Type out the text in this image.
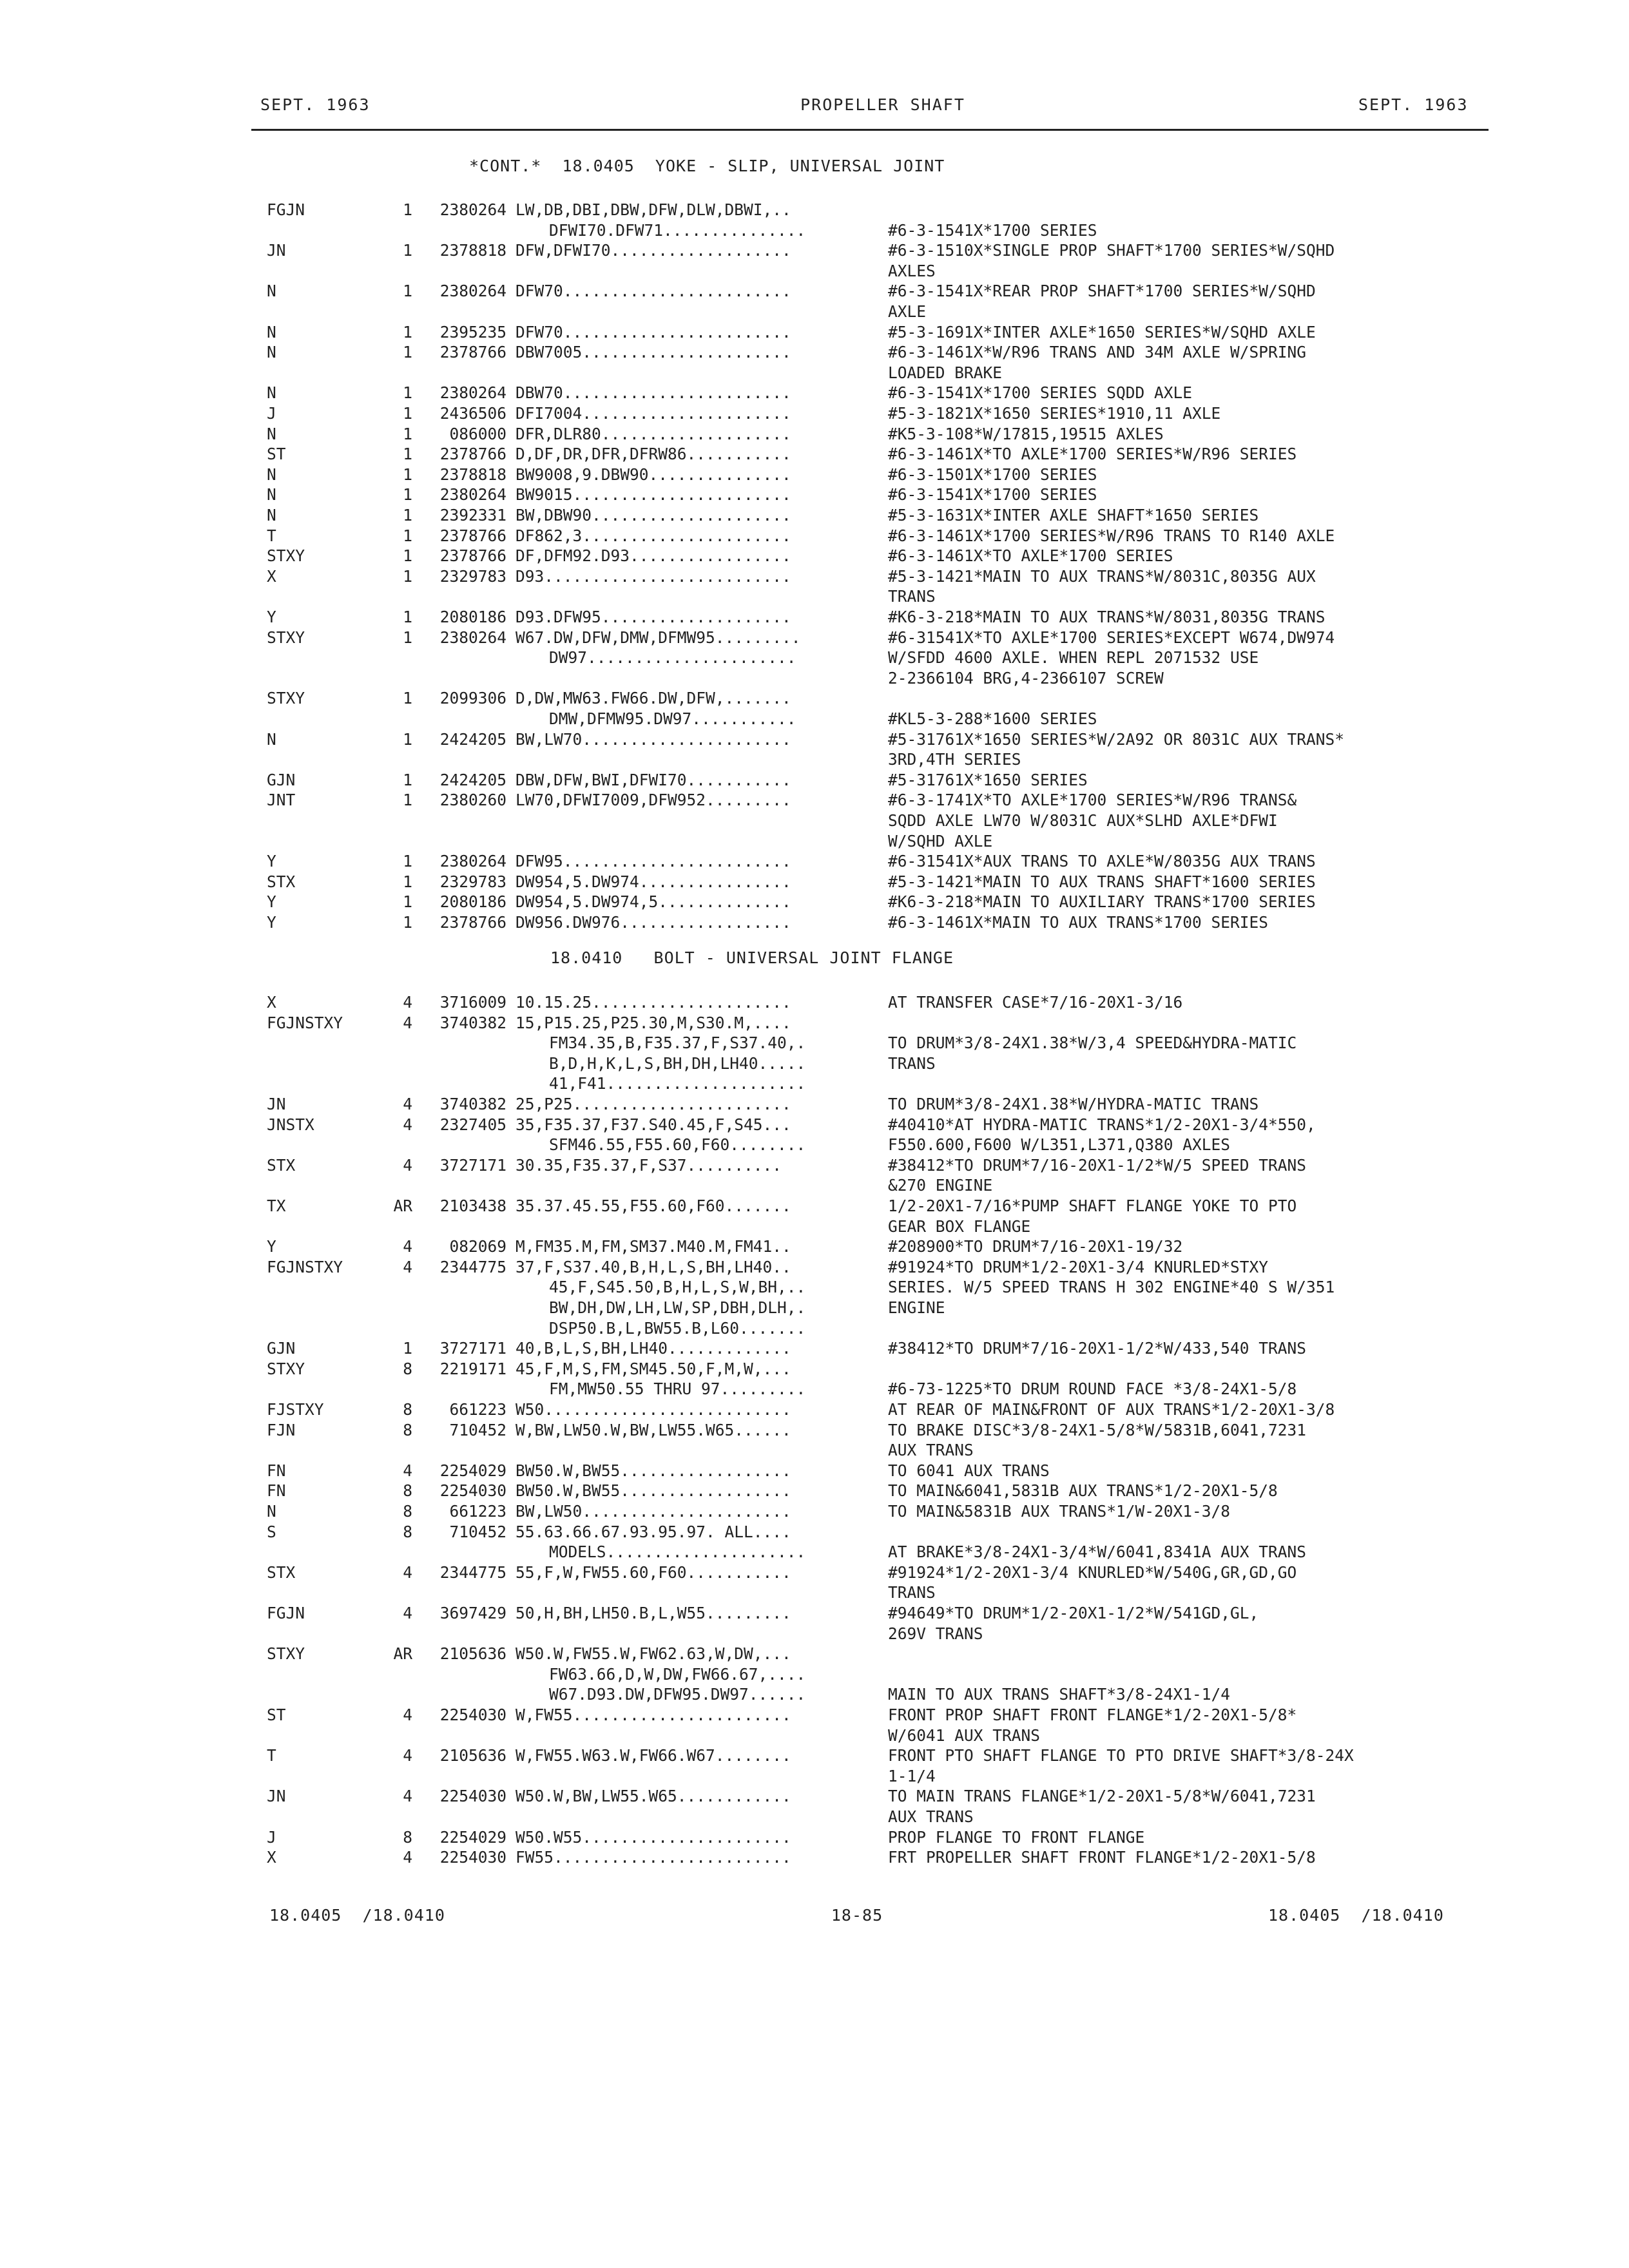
SEPT. 1963	PROPELLER SHAFT	SEPT. 1963
*CONT.*  18.0405  YOKE - SLIP, UNIVERSAL JOINT
FGJN	1	2380264 LW,DB,DBI,DBW,DFW,DLW,DBWI,..
DFWI70.DFW71...............	#6-3-1541X*1700 SERIES
JN	1	2378818 DFW,DFWI70...................	#6-3-1510X*SINGLE PROP SHAFT*1700 SERIES*W/SQHD
AXLES
N	1	2380264 DFW70........................	#6-3-1541X*REAR PROP SHAFT*1700 SERIES*W/SQHD
AXLE
N	1	2395235 DFW70........................	#5-3-1691X*INTER AXLE*1650 SERIES*W/SQHD AXLE
N	1	2378766 DBW7005......................	#6-3-1461X*W/R96 TRANS AND 34M AXLE W/SPRING
LOADED BRAKE
N	1	2380264 DBW70........................	#6-3-1541X*1700 SERIES SQDD AXLE
J	1	2436506 DFI7004......................	#5-3-1821X*1650 SERIES*1910,11 AXLE
N	1	086000 DFR,DLR80....................	#K5-3-108*W/17815,19515 AXLES
ST	1	2378766 D,DF,DR,DFR,DFRW86...........	#6-3-1461X*TO AXLE*1700 SERIES*W/R96 SERIES
N	1	2378818 BW9008,9.DBW90...............	#6-3-1501X*1700 SERIES
N	1	2380264 BW9015.......................	#6-3-1541X*1700 SERIES
N	1	2392331 BW,DBW90.....................	#5-3-1631X*INTER AXLE SHAFT*1650 SERIES
T	1	2378766 DF862,3......................	#6-3-1461X*1700 SERIES*W/R96 TRANS TO R140 AXLE
STXY	1	2378766 DF,DFM92.D93.................	#6-3-1461X*TO AXLE*1700 SERIES
X	1	2329783 D93..........................	#5-3-1421*MAIN TO AUX TRANS*W/8031C,8035G AUX
TRANS
Y	1	2080186 D93.DFW95....................	#K6-3-218*MAIN TO AUX TRANS*W/8031,8035G TRANS
STXY	1	2380264 W67.DW,DFW,DMW,DFMW95.........	#6-31541X*TO AXLE*1700 SERIES*EXCEPT W674,DW974
DW97......................	W/SFDD 4600 AXLE. WHEN REPL 2071532 USE
2-2366104 BRG,4-2366107 SCREW
STXY	1	2099306 D,DW,MW63.FW66.DW,DFW,.......
DMW,DFMW95.DW97...........	#KL5-3-288*1600 SERIES
N	1	2424205 BW,LW70......................	#5-31761X*1650 SERIES*W/2A92 OR 8031C AUX TRANS*
3RD,4TH SERIES
GJN	1	2424205 DBW,DFW,BWI,DFWI70...........	#5-31761X*1650 SERIES
JNT	1	2380260 LW70,DFWI7009,DFW952.........	#6-3-1741X*TO AXLE*1700 SERIES*W/R96 TRANS&
SQDD AXLE LW70 W/8031C AUX*SLHD AXLE*DFWI
W/SQHD AXLE
Y	1	2380264 DFW95........................	#6-31541X*AUX TRANS TO AXLE*W/8035G AUX TRANS
STX	1	2329783 DW954,5.DW974................	#5-3-1421*MAIN TO AUX TRANS SHAFT*1600 SERIES
Y	1	2080186 DW954,5.DW974,5..............	#K6-3-218*MAIN TO AUXILIARY TRANS*1700 SERIES
Y	1	2378766 DW956.DW976..................	#6-3-1461X*MAIN TO AUX TRANS*1700 SERIES
18.0410   BOLT - UNIVERSAL JOINT FLANGE
X	4	3716009 10.15.25.....................	AT TRANSFER CASE*7/16-20X1-3/16
FGJNSTXY	4	3740382 15,P15.25,P25.30,M,S30.M,....
FM34.35,B,F35.37,F,S37.40,.	TO DRUM*3/8-24X1.38*W/3,4 SPEED&HYDRA-MATIC
B,D,H,K,L,S,BH,DH,LH40.....	TRANS
41,F41.....................
JN	4	3740382 25,P25.......................	TO DRUM*3/8-24X1.38*W/HYDRA-MATIC TRANS
JNSTX	4	2327405 35,F35.37,F37.S40.45,F,S45...	#40410*AT HYDRA-MATIC TRANS*1/2-20X1-3/4*550,
SFM46.55,F55.60,F60........	F550.600,F600 W/L351,L371,Q380 AXLES
STX	4	3727171 30.35,F35.37,F,S37..........	#38412*TO DRUM*7/16-20X1-1/2*W/5 SPEED TRANS
&270 ENGINE
TX	AR	2103438 35.37.45.55,F55.60,F60.......	1/2-20X1-7/16*PUMP SHAFT FLANGE YOKE TO PTO
GEAR BOX FLANGE
Y	4	082069 M,FM35.M,FM,SM37.M40.M,FM41..	#208900*TO DRUM*7/16-20X1-19/32
FGJNSTXY	4	2344775 37,F,S37.40,B,H,L,S,BH,LH40..	#91924*TO DRUM*1/2-20X1-3/4 KNURLED*STXY
45,F,S45.50,B,H,L,S,W,BH,..	SERIES. W/5 SPEED TRANS H 302 ENGINE*40 S W/351
BW,DH,DW,LH,LW,SP,DBH,DLH,.	ENGINE
DSP50.B,L,BW55.B,L60.......
GJN	1	3727171 40,B,L,S,BH,LH40.............	#38412*TO DRUM*7/16-20X1-1/2*W/433,540 TRANS
STXY	8	2219171 45,F,M,S,FM,SM45.50,F,M,W,...
FM,MW50.55 THRU 97.........	#6-73-1225*TO DRUM ROUND FACE *3/8-24X1-5/8
FJSTXY	8	661223 W50..........................	AT REAR OF MAIN&FRONT OF AUX TRANS*1/2-20X1-3/8
FJN	8	710452 W,BW,LW50.W,BW,LW55.W65......	TO BRAKE DISC*3/8-24X1-5/8*W/5831B,6041,7231
AUX TRANS
FN	4	2254029 BW50.W,BW55..................	TO 6041 AUX TRANS
FN	8	2254030 BW50.W,BW55..................	TO MAIN&6041,5831B AUX TRANS*1/2-20X1-5/8
N	8	661223 BW,LW50......................	TO MAIN&5831B AUX TRANS*1/W-20X1-3/8
S	8	710452 55.63.66.67.93.95.97. ALL....
MODELS.....................	AT BRAKE*3/8-24X1-3/4*W/6041,8341A AUX TRANS
STX	4	2344775 55,F,W,FW55.60,F60...........	#91924*1/2-20X1-3/4 KNURLED*W/540G,GR,GD,GO
TRANS
FGJN	4	3697429 50,H,BH,LH50.B,L,W55.........	#94649*TO DRUM*1/2-20X1-1/2*W/541GD,GL,
269V TRANS
STXY	AR	2105636 W50.W,FW55.W,FW62.63,W,DW,...
FW63.66,D,W,DW,FW66.67,....
W67.D93.DW,DFW95.DW97......	MAIN TO AUX TRANS SHAFT*3/8-24X1-1/4
ST	4	2254030 W,FW55.......................	FRONT PROP SHAFT FRONT FLANGE*1/2-20X1-5/8*
W/6041 AUX TRANS
T	4	2105636 W,FW55.W63.W,FW66.W67........	FRONT PTO SHAFT FLANGE TO PTO DRIVE SHAFT*3/8-24X
1-1/4
JN	4	2254030 W50.W,BW,LW55.W65............	TO MAIN TRANS FLANGE*1/2-20X1-5/8*W/6041,7231
AUX TRANS
J	8	2254029 W50.W55......................	PROP FLANGE TO FRONT FLANGE
X	4	2254030 FW55.........................	FRT PROPELLER SHAFT FRONT FLANGE*1/2-20X1-5/8
18.0405  /18.0410	18-85	18.0405  /18.0410
